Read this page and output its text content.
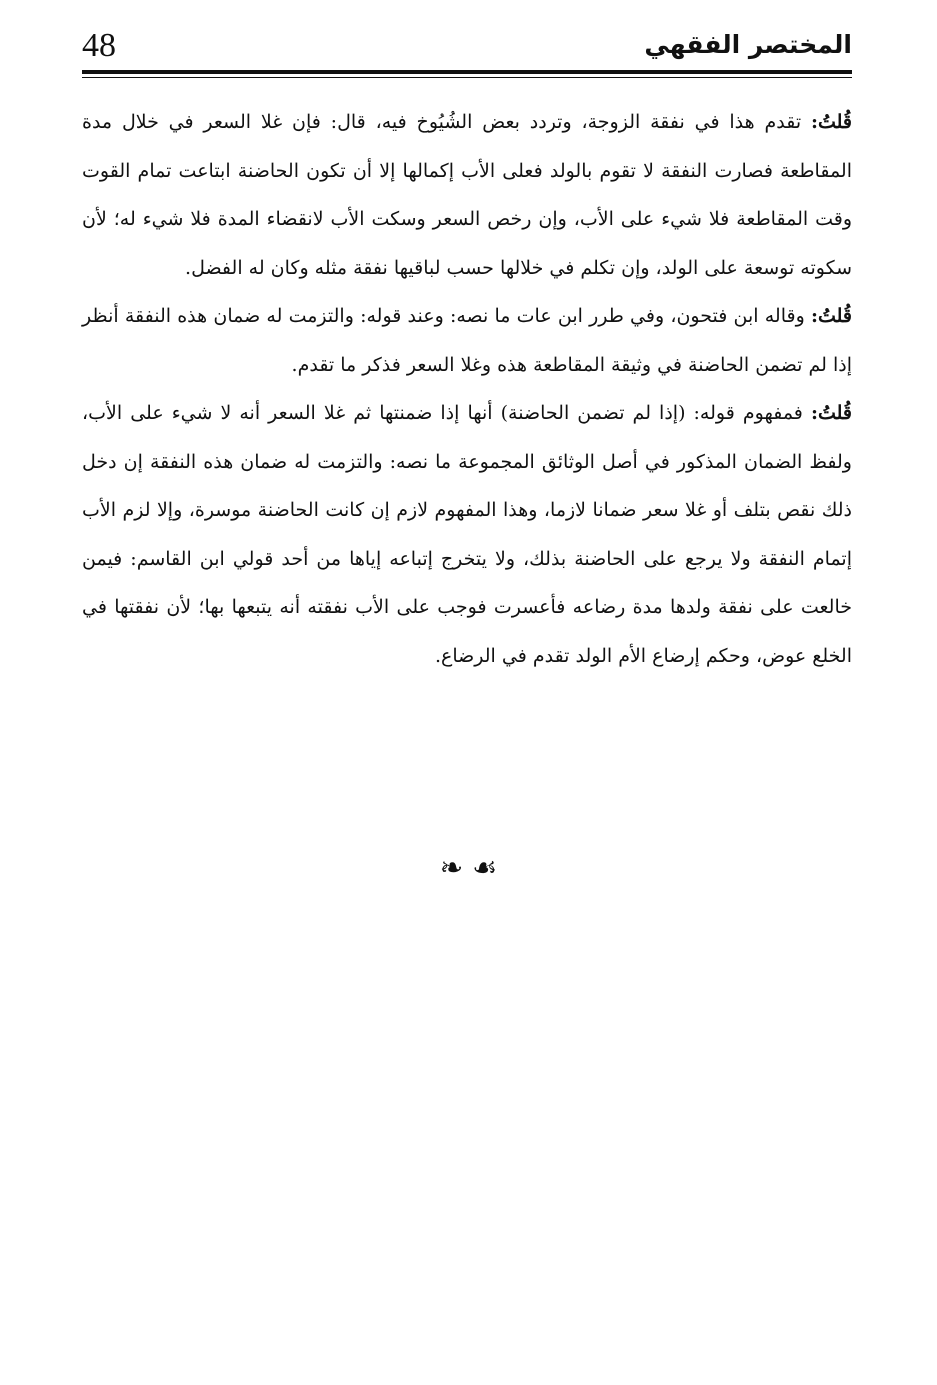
48	المختصر الفقهي

قُلتُ: تقدم هذا في نفقة الزوجة، وتردد بعض الشُيُوخ فيه، قال: فإن غلا السعر في خلال مدة المقاطعة فصارت النفقة لا تقوم بالولد فعلى الأب إكمالها إلا أن تكون الحاضنة ابتاعت تمام القوت وقت المقاطعة فلا شيء على الأب، وإن رخص السعر وسكت الأب لانقضاء المدة فلا شيء له؛ لأن سكوته توسعة على الولد، وإن تكلم في خلالها حسب لباقيها نفقة مثله وكان له الفضل.

قُلتُ: وقاله ابن فتحون، وفي طرر ابن عات ما نصه: وعند قوله: والتزمت له ضمان هذه النفقة أنظر إذا لم تضمن الحاضنة في وثيقة المقاطعة هذه وغلا السعر فذكر ما تقدم.

قُلتُ: فمفهوم قوله: (إذا لم تضمن الحاضنة) أنها إذا ضمنتها ثم غلا السعر أنه لا شيء على الأب، ولفظ الضمان المذكور في أصل الوثائق المجموعة ما نصه: والتزمت له ضمان هذه النفقة إن دخل ذلك نقص بتلف أو غلا سعر ضمانا لازما، وهذا المفهوم لازم إن كانت الحاضنة موسرة، وإلا لزم الأب إتمام النفقة ولا يرجع على الحاضنة بذلك، ولا يتخرج إتباعه إياها من أحد قولي ابن القاسم: فيمن خالعت على نفقة ولدها مدة رضاعه فأعسرت فوجب على الأب نفقته أنه يتبعها بها؛ لأن نفقتها في الخلع عوض، وحكم إرضاع الأم الولد تقدم في الرضاع.

❧ ☙
